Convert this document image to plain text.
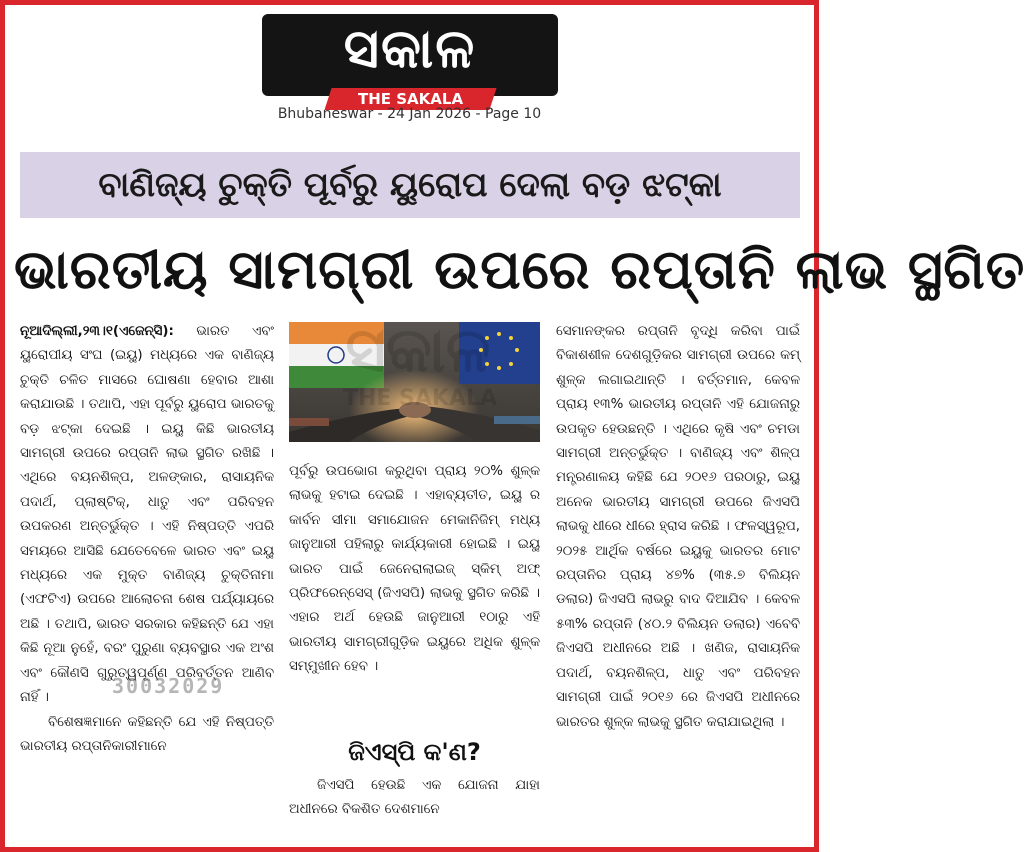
ସକାଳ
THE SAKALA
Bhubaneswar - 24 Jan 2026 - Page 10
ବାଣିଜ୍ୟ ଚୁକ୍ତି ପୂର୍ବରୁ ୟୁରୋପ ଦେଲା ବଡ଼ ଝଟ୍‌କା
ଭାରତୀୟ ସାମଗ୍ରୀ ଉପରେ ରପ୍ତାନି ଲାଭ ସ୍ଥଗିତ

ନୂଆଦିଲ୍ଲୀ,୨୩।୧(ଏଜେନ୍ସି): ଭାରତ ଏବଂ ୟୁରୋପୀୟ ସଂଘ (ଇୟୁ) ମଧ୍ୟରେ ଏକ ବାଣିଜ୍ୟ ଚୁକ୍ତି ଚଳିତ ମାସରେ ଘୋଷଣା ହେବାର ଆଶା କରାଯାଉଛି । ତଥାପି, ଏହା ପୂର୍ବରୁ ୟୁରୋପ ଭାରତକୁ ବଡ଼ ଝଟ୍‌କା ଦେଇଛି । ଇୟୁ କିଛି ଭାରତୀୟ ସାମଗ୍ରୀ ଉପରେ ରପ୍ତାନି ଲାଭ ସ୍ଥଗିତ ରଖିଛି । ଏଥିରେ ବୟନଶିଳ୍ପ, ଅଳଙ୍କାର, ରାସାୟନିକ ପଦାର୍ଥ, ପ୍ଲାଷ୍ଟିକ୍, ଧାତୁ ଏବଂ ପରିବହନ ଉପକରଣ ଅନ୍ତର୍ଭୁକ୍ତ । ଏହି ନିଷ୍ପତ୍ତି ଏପରି ସମୟରେ ଆସିଛି ଯେତେବେଳେ ଭାରତ ଏବଂ ଇୟୁ ମଧ୍ୟରେ ଏକ ମୁକ୍ତ ବାଣିଜ୍ୟ ଚୁକ୍ତିନାମା (ଏଫଟିଏ) ଉପରେ ଆଲୋଚନା ଶେଷ ପର୍ଯ୍ୟାୟରେ ଅଛି । ତଥାପି, ଭାରତ ସରକାର କହିଛନ୍ତି ଯେ ଏହା କିଛି ନୂଆ ନୁହେଁ, ବରଂ ପୁରୁଣା ବ୍ୟବସ୍ଥାର ଏକ ଅଂଶ ଏବଂ କୌଣସି ଗୁରୁତ୍ୱପୂର୍ଣ୍ଣ ପରିବର୍ତ୍ତନ ଆଣିବ ନାହିଁ ।

ବିଶେଷଜ୍ଞମାନେ କହିଛନ୍ତି ଯେ ଏହି ନିଷ୍ପତ୍ତି ଭାରତୀୟ ରପ୍ତାନିକାରୀମାନେ

ପୂର୍ବରୁ ଉପଭୋଗ କରୁଥିବା ପ୍ରାୟ ୨୦% ଶୁଳ୍କ ଲାଭକୁ ହଟାଇ ଦେଇଛି । ଏହାବ୍ୟତୀତ, ଇୟୁ ର କାର୍ବନ ସୀମା ସମାଯୋଜନ ମେକାନିଜିମ୍ ମଧ୍ୟ ଜାନୁଆରୀ ପହିଲାରୁ କାର୍ଯ୍ୟକାରୀ ହୋଇଛି । ଇୟୁ ଭାରତ ପାଇଁ ଜେନେରାଲାଇଜ୍ ସ୍କିମ୍ ଅଫ୍ ପ୍ରିଫରେନ୍ସେସ୍ (ଜିଏସପି) ଲାଭକୁ ସ୍ଥଗିତ କରିଛି । ଏହାର ଅର୍ଥ ହେଉଛି ଜାନୁଆରୀ ୧ଠାରୁ ଏହି ଭାରତୀୟ ସାମଗ୍ରୀଗୁଡ଼ିକ ଇୟୁରେ ଅଧିକ ଶୁଳ୍କ ସମ୍ମୁଖୀନ ହେବ ।

ଜିଏସ୍‌ପି କ'ଣ?

ଜିଏସପି ହେଉଛି ଏକ ଯୋଜନା ଯାହା ଅଧୀନରେ ବିକଶିତ ଦେଶମାନେ

ସେମାନଙ୍କର ରପ୍ତାନି ବୃଦ୍ଧି କରିବା ପାଇଁ ବିକାଶଶୀଳ ଦେଶଗୁଡ଼ିକର ସାମଗ୍ରୀ ଉପରେ କମ୍ ଶୁଳ୍କ ଲଗାଇଥାନ୍ତି । ବର୍ତ୍ତମାନ, କେବଳ ପ୍ରାୟ ୧୩% ଭାରତୀୟ ରପ୍ତାନି ଏହି ଯୋଜନାରୁ ଉପକୃତ ହେଉଛନ୍ତି । ଏଥିରେ କୃଷି ଏବଂ ଚମଡା ସାମଗ୍ରୀ ଅନ୍ତର୍ଭୁକ୍ତ । ବାଣିଜ୍ୟ ଏବଂ ଶିଳ୍ପ ମନ୍ତ୍ରଣାଳୟ କହିଛି ଯେ ୨୦୧୬ ପରଠାରୁ, ଇୟୁ ଅନେକ ଭାରତୀୟ ସାମଗ୍ରୀ ଉପରେ ଜିଏସପି ଲାଭକୁ ଧୀରେ ଧୀରେ ହ୍ରାସ କରିଛି । ଫଳସ୍ୱରୂପ, ୨୦୨୫ ଆର୍ଥିକ ବର୍ଷରେ ଇୟୁକୁ ଭାରତର ମୋଟ ରପ୍ତାନିର ପ୍ରାୟ ୪୭% (୩୫.୭ ବିଲିୟନ ଡଲାର) ଜିଏସପି ଲାଭରୁ ବାଦ ଦିଆଯିବ । କେବଳ ୫୩% ରପ୍ତାନି (୪୦.୨ ବିଲିୟନ ଡଲାର) ଏବେବି ଜିଏସପି ଅଧୀନରେ ଅଛି । ଖଣିଜ, ରାସାୟନିକ ପଦାର୍ଥ, ବୟନଶିଳ୍ପ, ଧାତୁ ଏବଂ ପରିବହନ ସାମଗ୍ରୀ ପାଇଁ ୨୦୧୬ ରେ ଜିଏସପି ଅଧୀନରେ ଭାରତର ଶୁଳ୍କ ଲାଭକୁ ସ୍ଥଗିତ କରାଯାଇଥିଲା ।

30032029
